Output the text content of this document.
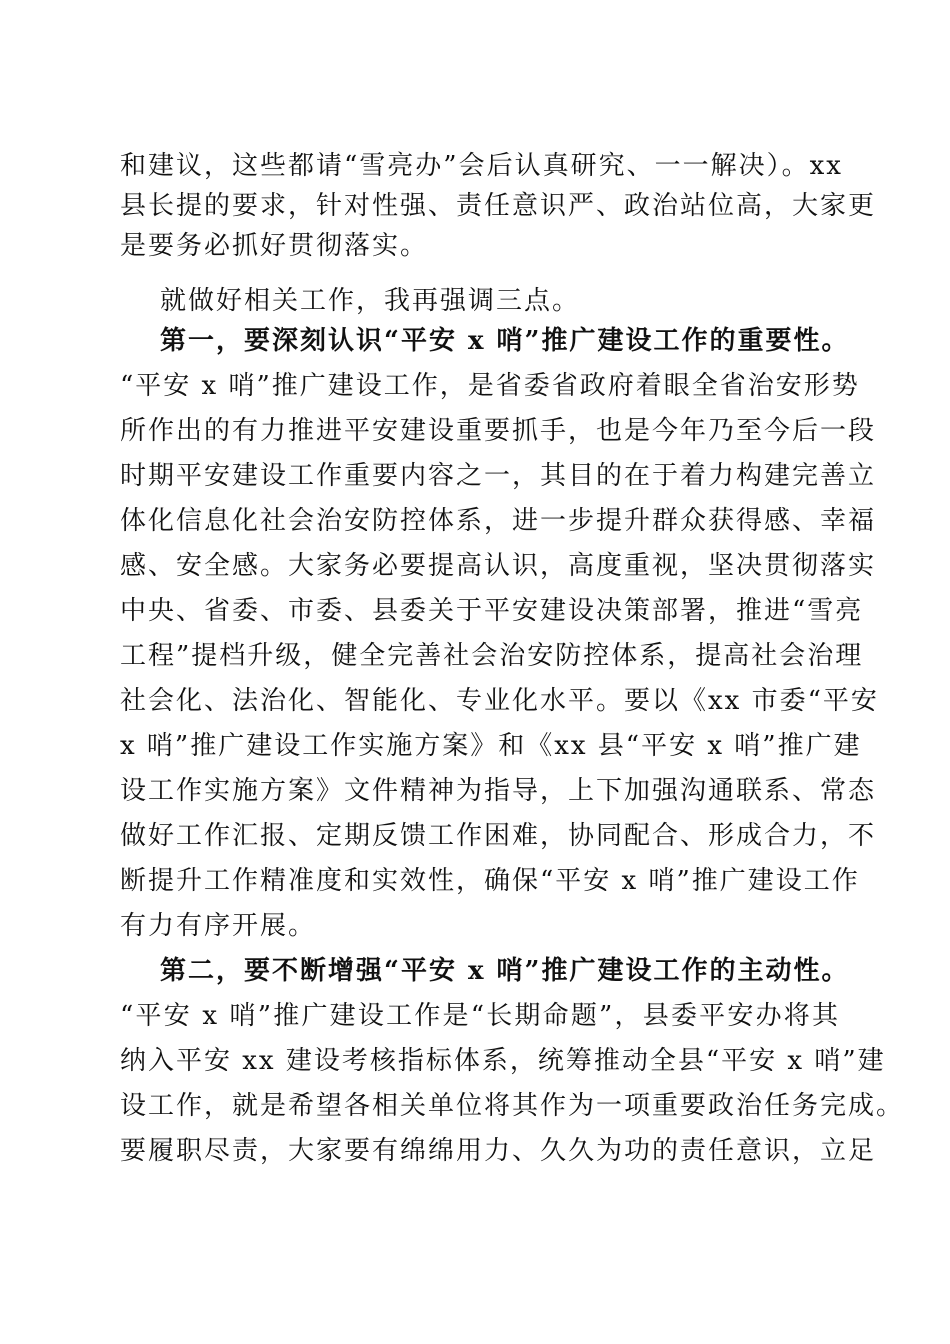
和建议，这些都请“雪亮办”会后认真研究、一一解决）。xx
县长提的要求，针对性强、责任意识严、政治站位高，大家更
是要务必抓好贯彻落实。
就做好相关工作，我再强调三点。
第一，要深刻认识“平安 x 哨”推广建设工作的重要性。
“平安 x 哨”推广建设工作，是省委省政府着眼全省治安形势
所作出的有力推进平安建设重要抓手，也是今年乃至今后一段
时期平安建设工作重要内容之一，其目的在于着力构建完善立
体化信息化社会治安防控体系，进一步提升群众获得感、幸福
感、安全感。大家务必要提高认识，高度重视，坚决贯彻落实
中央、省委、市委、县委关于平安建设决策部署，推进“雪亮
工程”提档升级，健全完善社会治安防控体系，提高社会治理
社会化、法治化、智能化、专业化水平。要以《xx 市委“平安
x 哨”推广建设工作实施方案》和《xx 县“平安 x 哨”推广建
设工作实施方案》文件精神为指导，上下加强沟通联系、常态
做好工作汇报、定期反馈工作困难，协同配合、形成合力，不
断提升工作精准度和实效性，确保“平安 x 哨”推广建设工作
有力有序开展。
第二，要不断增强“平安 x 哨”推广建设工作的主动性。
“平安 x 哨”推广建设工作是“长期命题”，县委平安办将其
纳入平安 xx 建设考核指标体系，统筹推动全县“平安 x 哨”建
设工作，就是希望各相关单位将其作为一项重要政治任务完成。
要履职尽责，大家要有绵绵用力、久久为功的责任意识，立足
